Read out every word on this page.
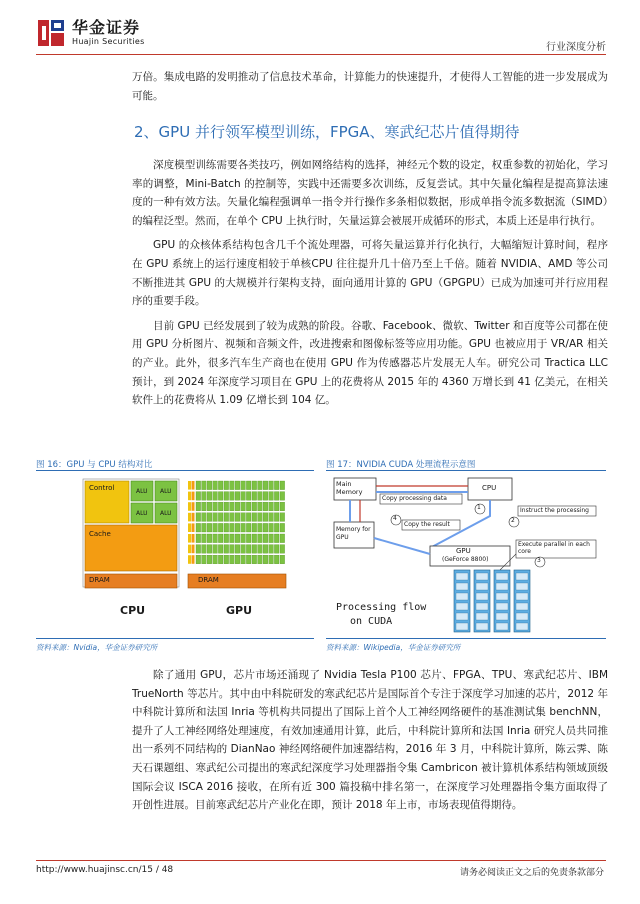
华金证券
Huajin Securities
行业深度分析

万倍。集成电路的发明推动了信息技术革命，计算能力的快速提升，才使得人工智能的进一步发展成为可能。

2、GPU 并行领军模型训练，FPGA、寒武纪芯片值得期待

深度模型训练需要各类技巧，例如网络结构的选择，神经元个数的设定，权重参数的初始化，学习率的调整，Mini-Batch 的控制等，实践中还需要多次训练，反复尝试。其中矢量化编程是提高算法速度的一种有效方法。矢量化编程强调单一指令并行操作多条相似数据，形成单指令流多数据流（SIMD）的编程泛型。然而，在单个 CPU 上执行时，矢量运算会被展开成循环的形式，本质上还是串行执行。

GPU 的众核体系结构包含几千个流处理器，可将矢量运算并行化执行，大幅缩短计算时间，程序在 GPU 系统上的运行速度相较于单核CPU 往往提升几十倍乃至上千倍。随着 NVIDIA、AMD 等公司不断推进其 GPU 的大规模并行架构支持，面向通用计算的 GPU（GPGPU）已成为加速可并行应用程序的重要手段。

目前 GPU 已经发展到了较为成熟的阶段。谷歌、Facebook、微软、Twitter 和百度等公司都在使用 GPU 分析图片、视频和音频文件，改进搜索和图像标签等应用功能。GPU 也被应用于 VR/AR 相关的产业。此外，很多汽车生产商也在使用 GPU 作为传感器芯片发展无人车。研究公司 Tractica LLC 预计，到 2024 年深度学习项目在 GPU 上的花费将从 2015 年的 4360 万增长到 41 亿美元，在相关软件上的花费将从 1.09 亿增长到 104 亿。

图 16：GPU 与 CPU 结构对比
Control	ALU ALU
ALU ALU
Cache
DRAM	DRAM
CPU	GPU
资料来源：Nvidia，华金证券研究所
图 17：NVIDIA CUDA 处理流程示意图
Main Memory	CPU
Copy processing data
Instruct the processing
2
1
4
3
Memory for GPU
Copy the result
GPU
(GeForce 8800)
Execute parallel in each core
Processing flow
on CUDA
资料来源：Wikipedia，华金证券研究所

除了通用 GPU，芯片市场还涌现了 Nvidia Tesla P100 芯片、FPGA、TPU、寒武纪芯片、IBM TrueNorth 等芯片。其中由中科院研发的寒武纪芯片是国际首个专注于深度学习加速的芯片，2012 年中科院计算所和法国 Inria 等机构共同提出了国际上首个人工神经网络硬件的基准测试集 benchNN，提升了人工神经网络处理速度，有效加速通用计算，此后，中科院计算所和法国 Inria 研究人员共同推出一系列不同结构的 DianNao 神经网络硬件加速器结构，2016 年 3 月，中科院计算所，陈云霁、陈天石课题组、寒武纪公司提出的寒武纪深度学习处理器指令集 Cambricon 被计算机体系结构领域顶级国际会议 ISCA 2016 接收，在所有近 300 篇投稿中排名第一，在深度学习处理器指令集方面取得了开创性进展。目前寒武纪芯片产业化在即，预计 2018 年上市，市场表现值得期待。

http://www.huajinsc.cn/15 / 48	请务必阅读正文之后的免责条款部分
